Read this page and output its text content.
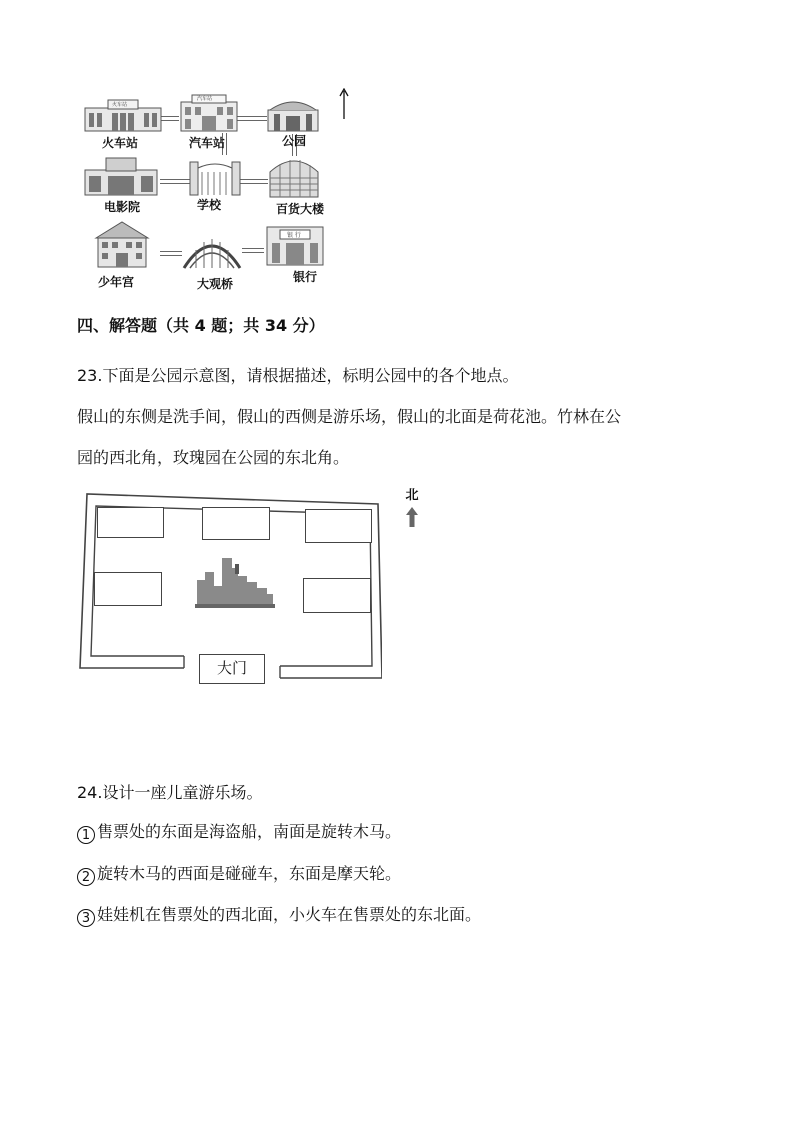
火车站
火车站
汽车站
汽车站	公园
电影院	学校	百货大楼
少年宫	大观桥
银 行
银行
四、解答题（共 4 题；共 34 分）
23.下面是公园示意图，请根据描述，标明公园中的各个地点。
假山的东侧是洗手间，假山的西侧是游乐场，假山的北面是荷花池。竹林在公
园的西北角，玫瑰园在公园的东北角。
大门
北
24.设计一座儿童游乐场。
1 售票处的东面是海盗船，南面是旋转木马。
2 旋转木马的西面是碰碰车，东面是摩天轮。
3 娃娃机在售票处的西北面，小火车在售票处的东北面。
